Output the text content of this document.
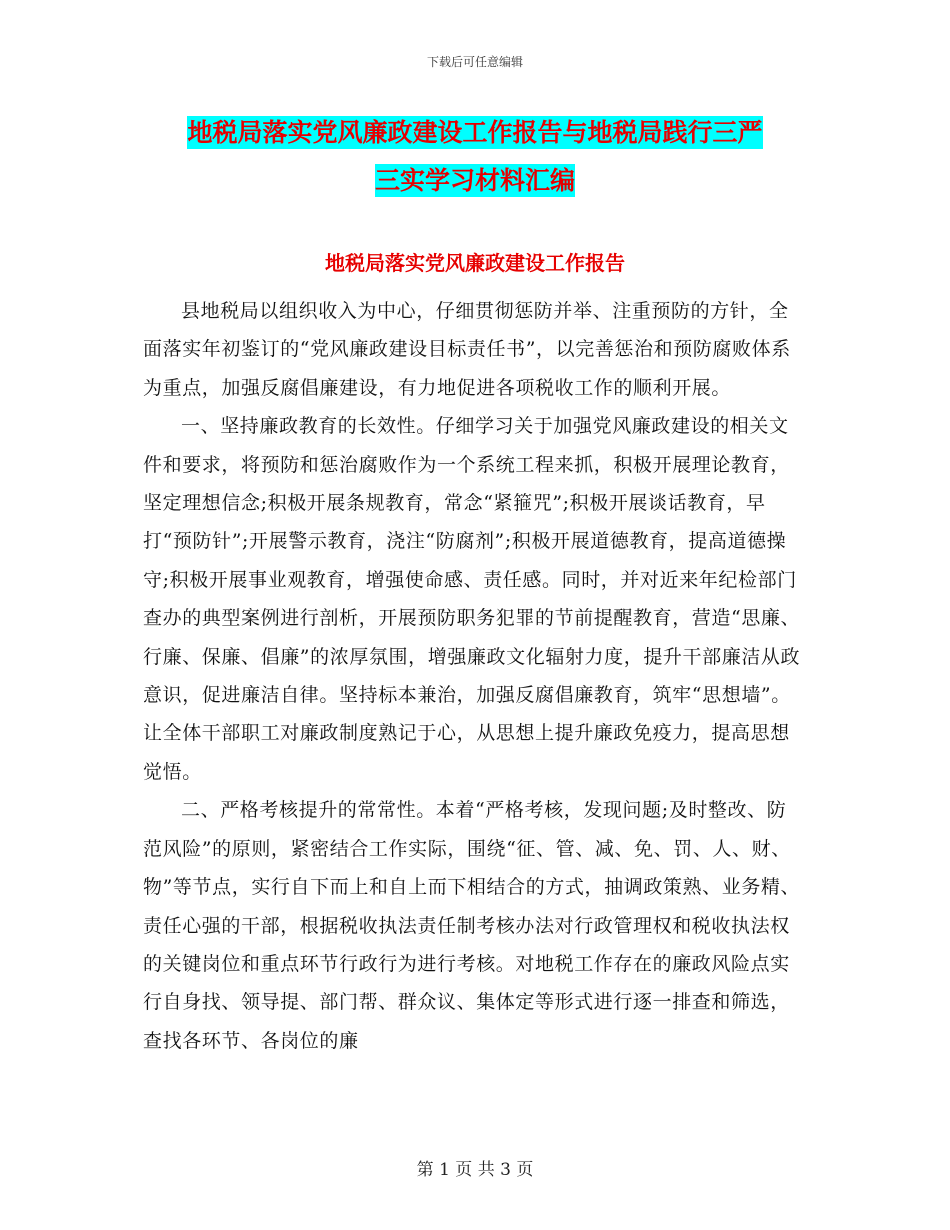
下载后可任意编辑
地税局落实党风廉政建设工作报告与地税局践行三严
三实学习材料汇编
地税局落实党风廉政建设工作报告

县地税局以组织收入为中心，仔细贯彻惩防并举、注重预防的方针，全面落实年初鉴订的“党风廉政建设目标责任书”，以完善惩治和预防腐败体系为重点，加强反腐倡廉建设，有力地促进各项税收工作的顺利开展。

一、坚持廉政教育的长效性。仔细学习关于加强党风廉政建设的相关文件和要求，将预防和惩治腐败作为一个系统工程来抓，积极开展理论教育，坚定理想信念;积极开展条规教育，常念“紧箍咒”;积极开展谈话教育，早打“预防针”;开展警示教育，浇注“防腐剂”;积极开展道德教育，提高道德操守;积极开展事业观教育，增强使命感、责任感。同时，并对近来年纪检部门查办的典型案例进行剖析，开展预防职务犯罪的节前提醒教育，营造“思廉、行廉、保廉、倡廉”的浓厚氛围，增强廉政文化辐射力度，提升干部廉洁从政意识，促进廉洁自律。坚持标本兼治，加强反腐倡廉教育，筑牢“思想墙”。让全体干部职工对廉政制度熟记于心，从思想上提升廉政免疫力，提高思想觉悟。

二、严格考核提升的常常性。本着“严格考核，发现问题;及时整改、防范风险”的原则，紧密结合工作实际，围绕“征、管、减、免、罚、人、财、物”等节点，实行自下而上和自上而下相结合的方式，抽调政策熟、业务精、责任心强的干部，根据税收执法责任制考核办法对行政管理权和税收执法权的关键岗位和重点环节行政行为进行考核。对地税工作存在的廉政风险点实行自身找、领导提、部门帮、群众议、集体定等形式进行逐一排查和筛选，查找各环节、各岗位的廉

第 1 页 共 3 页
